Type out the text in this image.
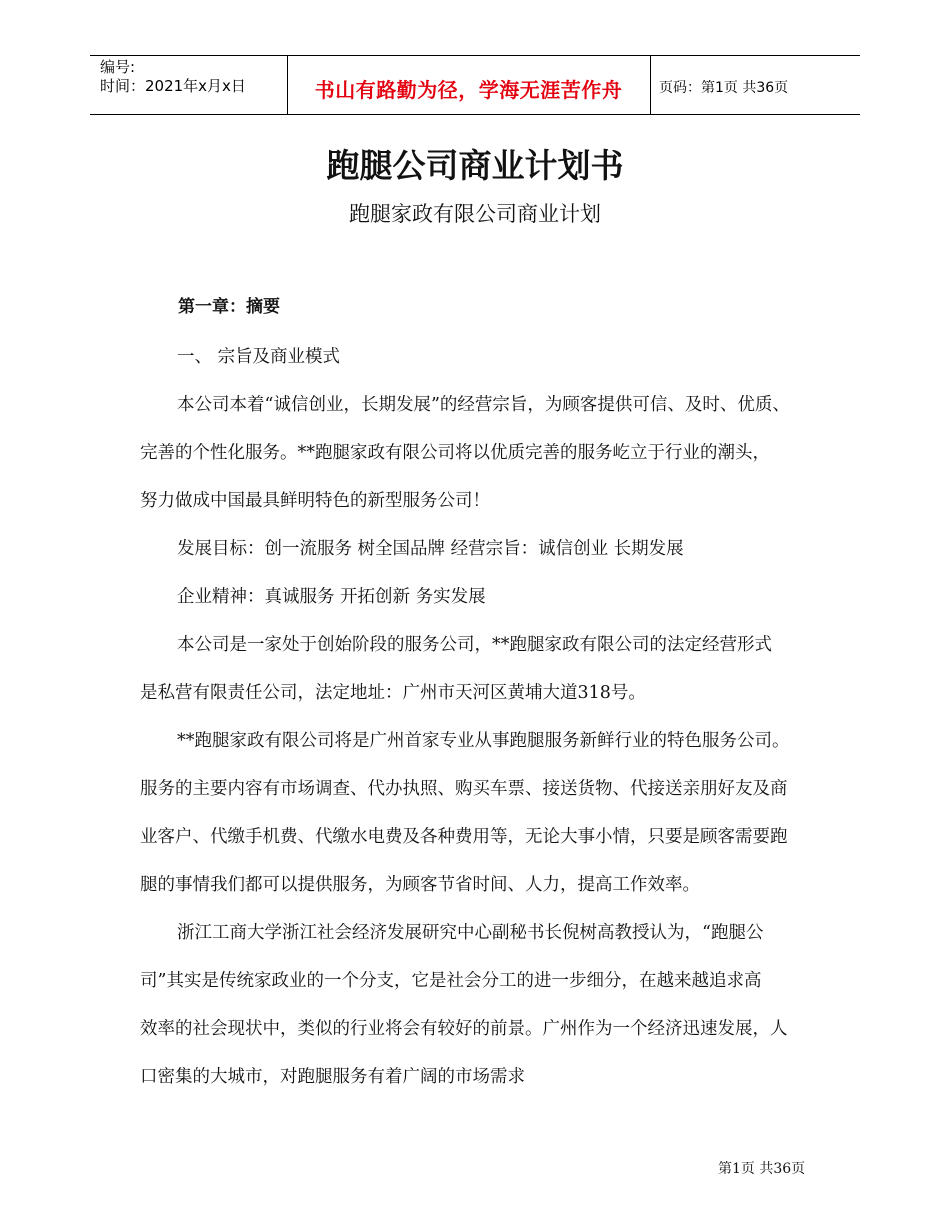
编号:
时间：2021年x月x日	书山有路勤为径，学海无涯苦作舟	页码：第1页 共36页
跑腿公司商业计划书
跑腿家政有限公司商业计划
第一章：摘要

一、 宗旨及商业模式

本公司本着“诚信创业，长期发展”的经营宗旨，为顾客提供可信、及时、优质、

完善的个性化服务。**跑腿家政有限公司将以优质完善的服务屹立于行业的潮头，

努力做成中国最具鲜明特色的新型服务公司！

发展目标：创一流服务 树全国品牌 经营宗旨：诚信创业 长期发展

企业精神：真诚服务 开拓创新 务实发展

本公司是一家处于创始阶段的服务公司，**跑腿家政有限公司的法定经营形式

是私营有限责任公司，法定地址：广州市天河区黄埔大道318号。

**跑腿家政有限公司将是广州首家专业从事跑腿服务新鲜行业的特色服务公司。

服务的主要内容有市场调查、代办执照、购买车票、接送货物、代接送亲朋好友及商

业客户、代缴手机费、代缴水电费及各种费用等，无论大事小情，只要是顾客需要跑

腿的事情我们都可以提供服务，为顾客节省时间、人力，提高工作效率。

浙江工商大学浙江社会经济发展研究中心副秘书长倪树高教授认为，“跑腿公

司”其实是传统家政业的一个分支，它是社会分工的进一步细分，在越来越追求高

效率的社会现状中，类似的行业将会有较好的前景。广州作为一个经济迅速发展，人

口密集的大城市，对跑腿服务有着广阔的市场需求

第1页 共36页
